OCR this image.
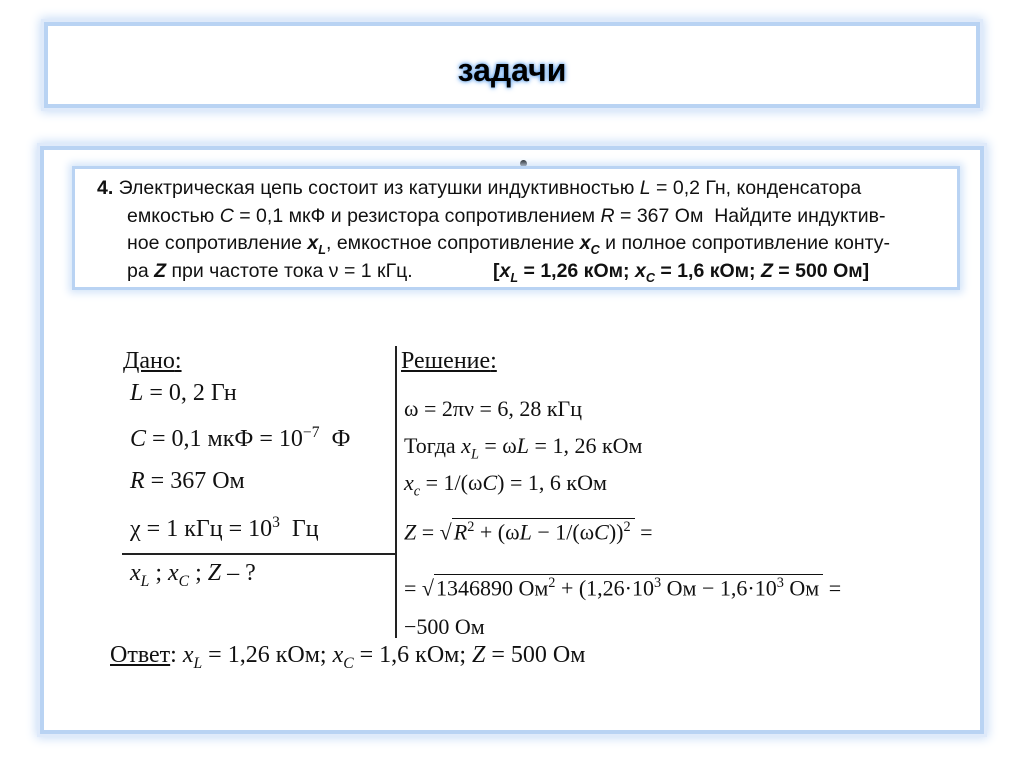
задачи
4. Электрическая цепь состоит из катушки индуктивностью L = 0,2 Гн, конденсатора
емкостью C = 0,1 мкФ и резистора сопротивлением R = 367 Ом  Найдите индуктив-
ное сопротивление $x_L$, емкостное сопротивление $x_C$ и полное сопротивление конту-
ра Z при частоте тока ν = 1 кГц.	[$x_L = 1,26$ кОм; $x_C = 1,6$ кОм; Z = 500 Ом]
Дано:
L = 0, 2 Гн
C = 0,1 мкФ = $10^{-7}$  Ф
R = 367 Ом
χ = 1 кГц = $10^3$  Гц
$x_L$ ; $x_C$ ; Z – ?
Решение:
ω = 2πν = 6, 28 кГц
Тогда $x_L = \omega L = 1$, 26 кОм
$x_c = 1/(\omega C) = 1$, 6 кОм
$Z = √R^2 + (\omega L - 1/(\omega C))^2$ =
= √1346890 $Ом^2 + (1,26\cdot 10^3$ Ом − $1,6\cdot 10^3$ Ом =
−500 Ом
Ответ: $x_L = 1,26$ кОм; $x_C = 1,6$ кОм; Z = 500 Ом
